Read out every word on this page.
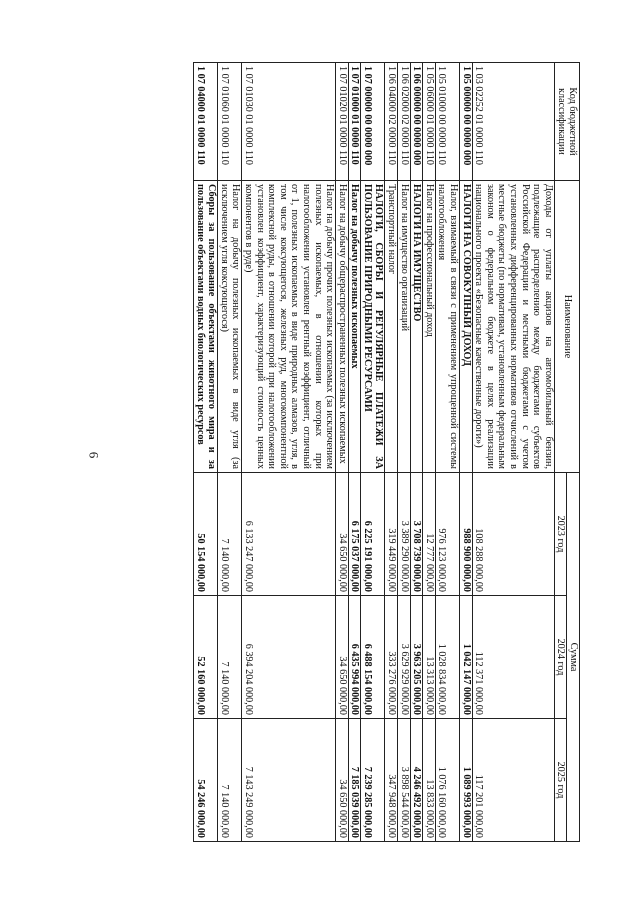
6
Код бюджетной классификации	Наименование	Сумма		
		2023 год	2024 год	2025 год
1 03 02252 01 0000 110	Доходы от уплаты акцизов на автомобильный бензин, подлежащие распределению между бюджетами субъектов Российской Федерации и местными бюджетами с учетом установленных дифференцированных нормативов отчислений в местные бюджеты (по нормативам, установленным федеральным законом о федеральном бюджете в целях реализации национального проекта «Безопасные качественные дороги»)	108 288 000,00	112 371 000,00	117 201 000,00
1 05 00000 00 0000 000	НАЛОГИ НА СОВОКУПНЫЙ ДОХОД	988 900 000,00	1 042 147 000,00	1 089 993 000,00
1 05 01000 00 0000 110	Налог, взимаемый в связи с применением упрощенной системы налогообложения	976 123 000,00	1 028 834 000,00	1 076 160 000,00
1 05 06000 01 0000 110	Налог на профессиональный доход	12 777 000,00	13 313 000,00	13 833 000,00
1 06 00000 00 0000 000	НАЛОГИ НА ИМУЩЕСТВО	3 708 739 000,00	3 963 205 000,00	4 246 492 000,00
1 06 02000 02 0000 110	Налог на имущество организаций	3 389 290 000,00	3 629 929 000,00	3 898 544 000,00
1 06 04000 02 0000 110	Транспортный налог	319 449 000,00	333 276 000,00	347 948 000,00
1 07 00000 00 0000 000	НАЛОГИ, СБОРЫ И РЕГУЛЯРНЫЕ ПЛАТЕЖИ ЗА ПОЛЬЗОВАНИЕ ПРИРОДНЫМИ РЕСУРСАМИ	6 225 191 000,00	6 488 154 000,00	7 239 285 000,00
1 07 01000 01 0000 110	Налог на добычу полезных ископаемых	6 175 037 000,00	6 435 994 000,00	7 185 039 000,00
1 07 01020 01 0000 110	Налог на добычу общераспространенных полезных ископаемых	34 650 000,00	34 650 000,00	34 650 000,00
1 07 01030 01 0000 110	Налог на добычу прочих полезных ископаемых (за исключением полезных ископаемых, в отношении которых при налогообложении установлен рентный коэффициент, отличный от 1, полезных ископаемых в виде природных алмазов, угля, в том числе коксующегося, железных руд, многокомпонентной комплексной руды, в отношении которой при налогообложении установлен коэффициент, характеризующий стоимость ценных компонентов в руде)	6 133 247 000,00	6 394 204 000,00	7 143 249 000,00
1 07 01060 01 0000 110	Налог на добычу полезных ископаемых в виде угля (за исключением угля коксующегося)	7 140 000,00	7 140 000,00	7 140 000,00
1 07 04000 01 0000 110	Сборы за пользование объектами животного мира и за пользование объектами водных биологических ресурсов	50 154 000,00	52 160 000,00	54 246 000,00
